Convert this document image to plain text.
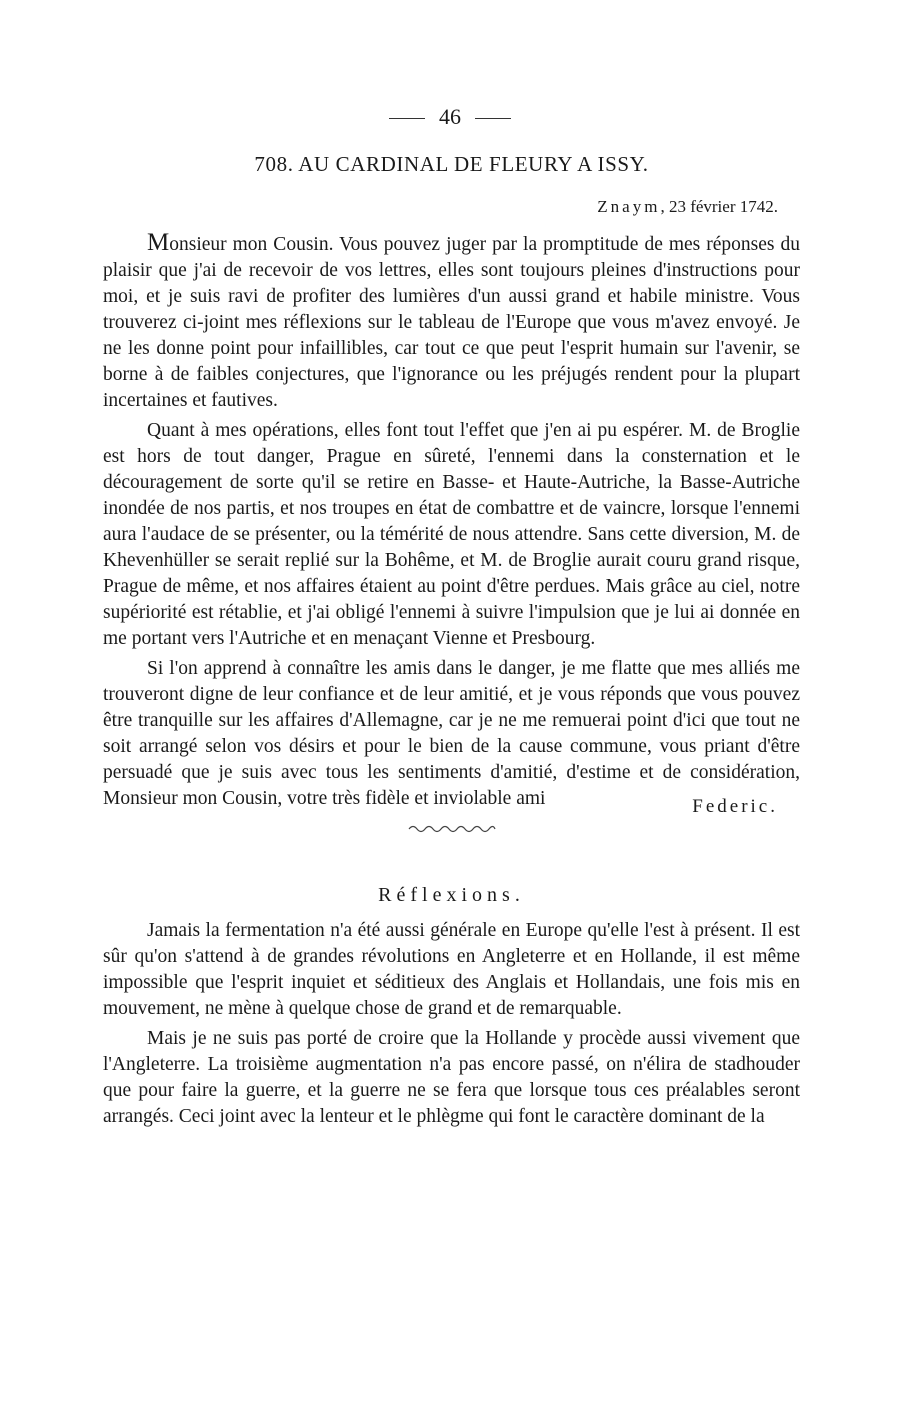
46
708. AU CARDINAL DE FLEURY A ISSY.
Znaym, 23 février 1742.

Monsieur mon Cousin. Vous pouvez juger par la promptitude de mes réponses du plaisir que j'ai de recevoir de vos lettres, elles sont toujours pleines d'instructions pour moi, et je suis ravi de profiter des lumières d'un aussi grand et habile ministre. Vous trouverez ci-joint mes réflexions sur le tableau de l'Europe que vous m'avez envoyé. Je ne les donne point pour infaillibles, car tout ce que peut l'esprit humain sur l'avenir, se borne à de faibles conjectures, que l'ignorance ou les préjugés rendent pour la plupart incertaines et fautives.

Quant à mes opérations, elles font tout l'effet que j'en ai pu espérer. M. de Broglie est hors de tout danger, Prague en sûreté, l'ennemi dans la consternation et le découragement de sorte qu'il se retire en Basse- et Haute-Autriche, la Basse-Autriche inondée de nos partis, et nos troupes en état de combattre et de vaincre, lorsque l'ennemi aura l'audace de se présenter, ou la témérité de nous attendre. Sans cette diversion, M. de Khevenhüller se serait replié sur la Bohême, et M. de Broglie aurait couru grand risque, Prague de même, et nos affaires étaient au point d'être perdues. Mais grâce au ciel, notre supériorité est rétablie, et j'ai obligé l'ennemi à suivre l'impulsion que je lui ai donnée en me portant vers l'Autriche et en menaçant Vienne et Presbourg.

Si l'on apprend à connaître les amis dans le danger, je me flatte que mes alliés me trouveront digne de leur confiance et de leur amitié, et je vous réponds que vous pouvez être tranquille sur les affaires d'Allemagne, car je ne me remuerai point d'ici que tout ne soit arrangé selon vos désirs et pour le bien de la cause commune, vous priant d'être persuadé que je suis avec tous les sentiments d'amitié, d'estime et de considération, Monsieur mon Cousin, votre très fidèle et inviolable ami	Federic.
Réflexions.

Jamais la fermentation n'a été aussi générale en Europe qu'elle l'est à présent. Il est sûr qu'on s'attend à de grandes révolutions en Angleterre et en Hollande, il est même impossible que l'esprit inquiet et séditieux des Anglais et Hollandais, une fois mis en mouvement, ne mène à quelque chose de grand et de remarquable.

Mais je ne suis pas porté de croire que la Hollande y procède aussi vivement que l'Angleterre. La troisième augmentation n'a pas encore passé, on n'élira de stadhouder que pour faire la guerre, et la guerre ne se fera que lorsque tous ces préalables seront arrangés. Ceci joint avec la lenteur et le phlègme qui font le caractère dominant de la
